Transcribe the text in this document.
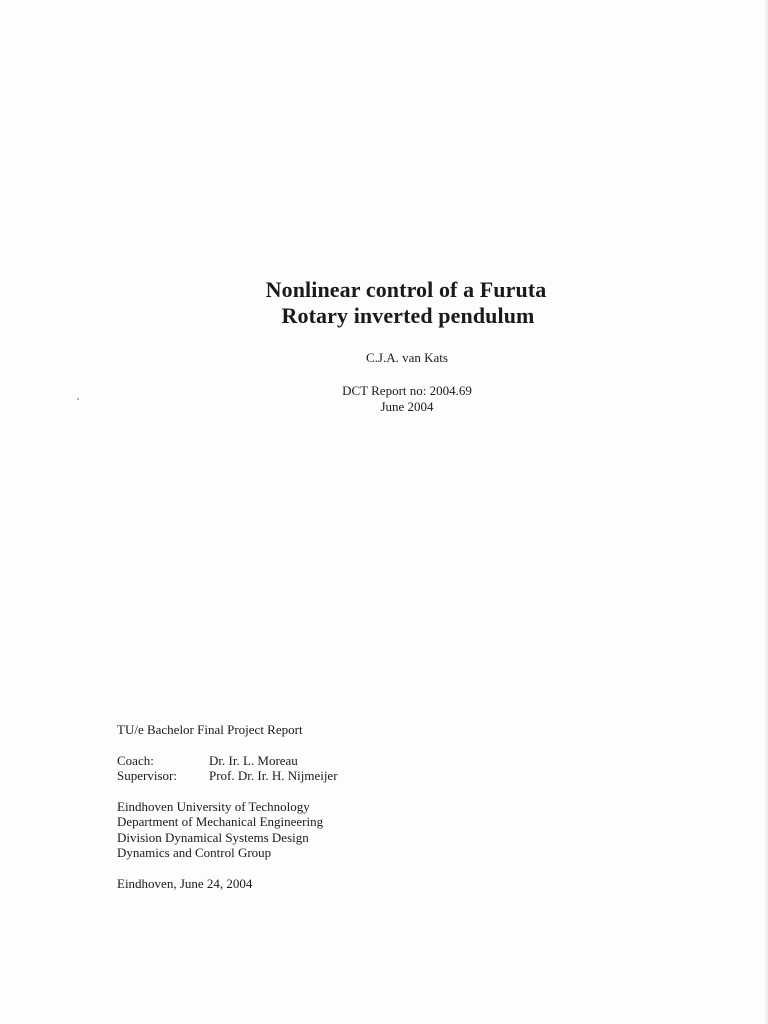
Nonlinear control of a Furuta
Rotary inverted pendulum
C.J.A. van Kats
DCT Report no: 2004.69
June 2004
TU/e Bachelor Final Project Report
Coach:	Dr. Ir. L. Moreau
Supervisor:	Prof. Dr. Ir. H. Nijmeijer
Eindhoven University of Technology
Department of Mechanical Engineering
Division Dynamical Systems Design
Dynamics and Control Group
Eindhoven, June 24, 2004
